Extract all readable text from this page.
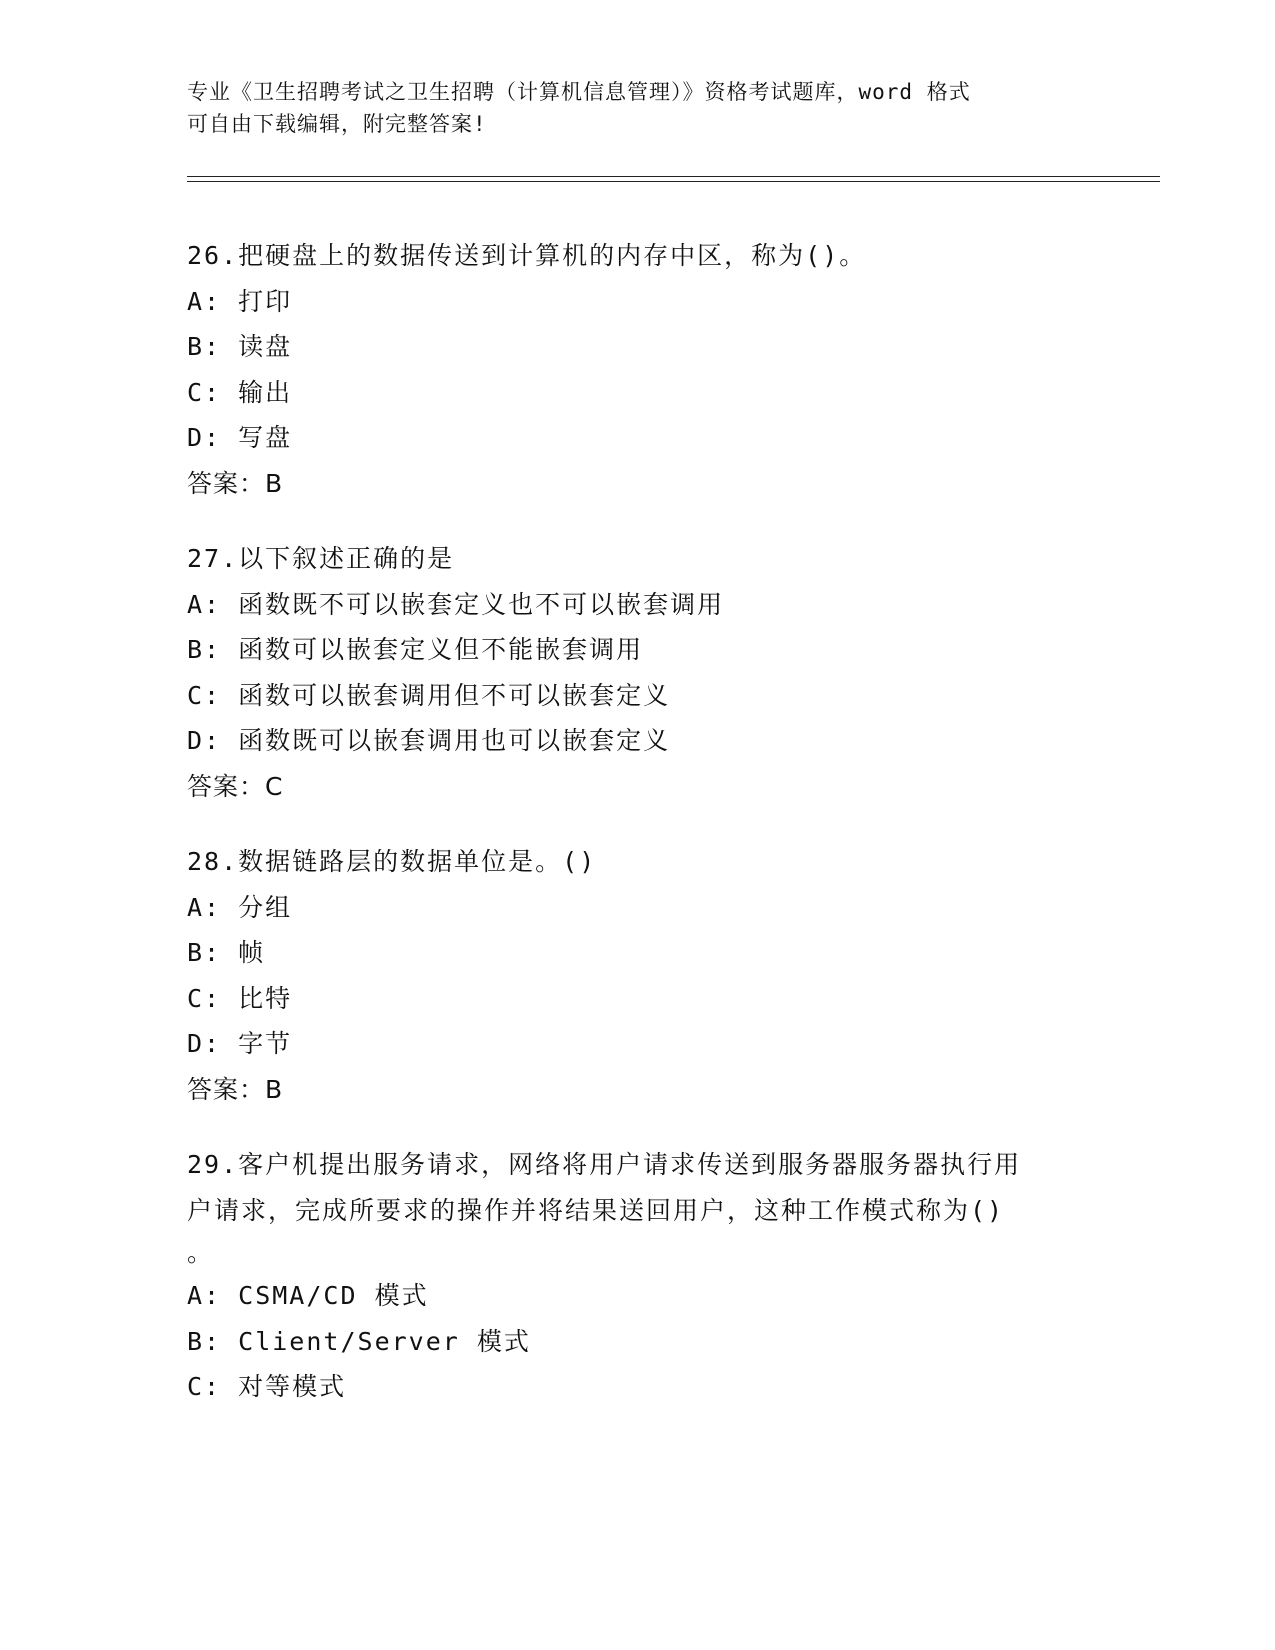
专业《卫生招聘考试之卫生招聘（计算机信息管理）》资格考试题库，word 格式
可自由下载编辑，附完整答案!
26.把硬盘上的数据传送到计算机的内存中区，称为()。
A: 打印
B: 读盘
C: 输出
D: 写盘
答案：B
27.以下叙述正确的是
A: 函数既不可以嵌套定义也不可以嵌套调用
B: 函数可以嵌套定义但不能嵌套调用
C: 函数可以嵌套调用但不可以嵌套定义
D: 函数既可以嵌套调用也可以嵌套定义
答案：C
28.数据链路层的数据单位是。()
A: 分组
B: 帧
C: 比特
D: 字节
答案：B
29.客户机提出服务请求，网络将用户请求传送到服务器服务器执行用
户请求，完成所要求的操作并将结果送回用户，这种工作模式称为()
。
A: CSMA/CD 模式
B: Client/Server 模式
C: 对等模式
